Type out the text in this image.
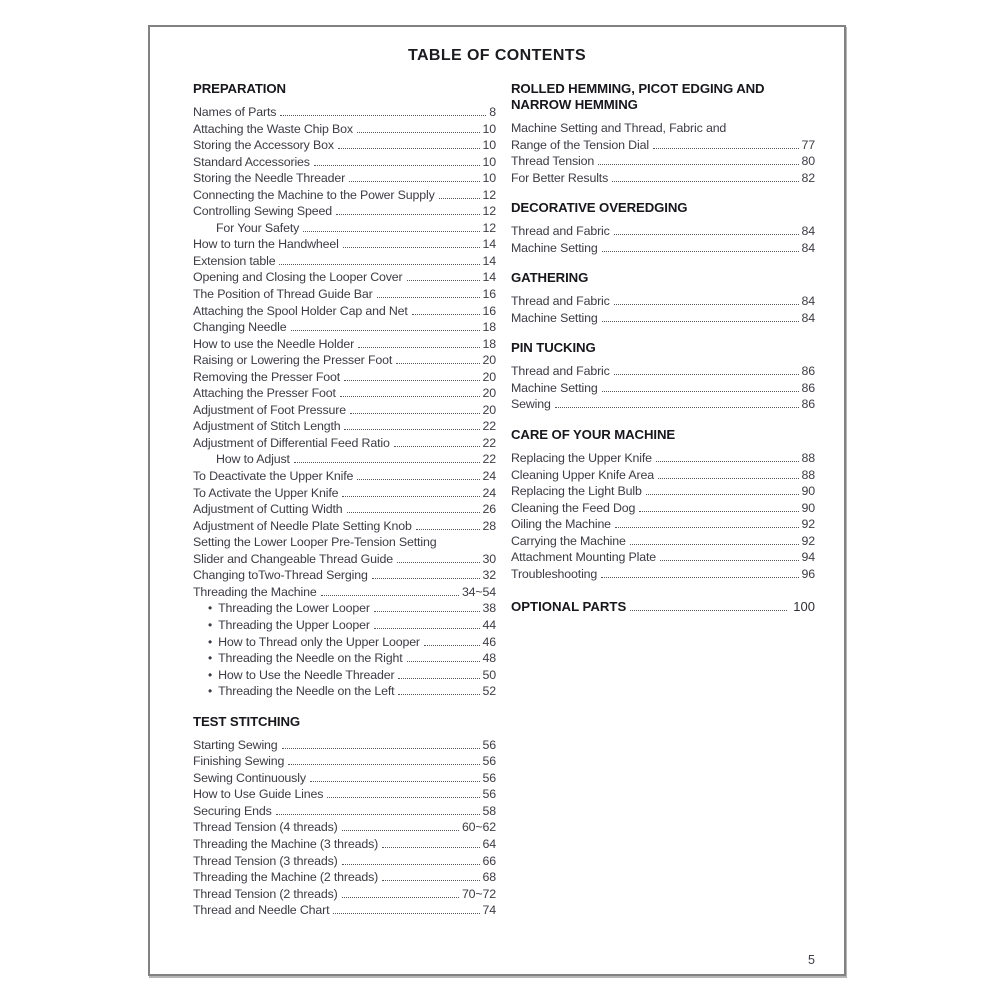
TABLE OF CONTENTS
PREPARATION
Names of Parts	8
Attaching the Waste Chip Box	10
Storing the Accessory Box	10
Standard Accessories	10
Storing the Needle Threader	10
Connecting the Machine to the Power Supply	12
Controlling Sewing Speed	12
For Your Safety	12
How to turn the Handwheel	14
Extension table	14
Opening and Closing the Looper Cover	14
The Position of Thread Guide Bar	16
Attaching the Spool Holder Cap and Net	16
Changing Needle	18
How to use the Needle Holder	18
Raising or Lowering the Presser Foot	20
Removing the Presser Foot	20
Attaching the Presser Foot	20
Adjustment of Foot Pressure	20
Adjustment of Stitch Length	22
Adjustment of Differential Feed Ratio	22
How to Adjust	22
To Deactivate the Upper Knife	24
To Activate the Upper Knife	24
Adjustment of Cutting Width	26
Adjustment of Needle Plate Setting Knob	28
Setting the Lower Looper Pre-Tension Setting
Slider and Changeable Thread Guide	30
Changing toTwo-Thread Serging	32
Threading the Machine	34~54
• Threading the Lower Looper	38
• Threading the Upper Looper	44
• How to Thread only the Upper Looper	46
• Threading the Needle on the Right	48
• How to Use the Needle Threader	50
• Threading the Needle on the Left	52
TEST STITCHING
Starting Sewing	56
Finishing Sewing	56
Sewing Continuously	56
How to Use Guide Lines	56
Securing Ends	58
Thread Tension (4 threads)	60~62
Threading the Machine (3 threads)	64
Thread Tension (3 threads)	66
Threading the Machine (2 threads)	68
Thread Tension (2 threads)	70~72
Thread and Needle Chart	74
ROLLED HEMMING, PICOT EDGING AND NARROW HEMMING
Machine Setting and Thread, Fabric and
Range of the Tension Dial	77
Thread Tension	80
For Better Results	82
DECORATIVE OVEREDGING
Thread and Fabric	84
Machine Setting	84
GATHERING
Thread and Fabric	84
Machine Setting	84
PIN TUCKING
Thread and Fabric	86
Machine Setting	86
Sewing	86
CARE OF YOUR MACHINE
Replacing the Upper Knife	88
Cleaning Upper Knife Area	88
Replacing the Light Bulb	90
Cleaning the Feed Dog	90
Oiling the Machine	92
Carrying the Machine	92
Attachment Mounting Plate	94
Troubleshooting	96
OPTIONAL PARTS	100
5
